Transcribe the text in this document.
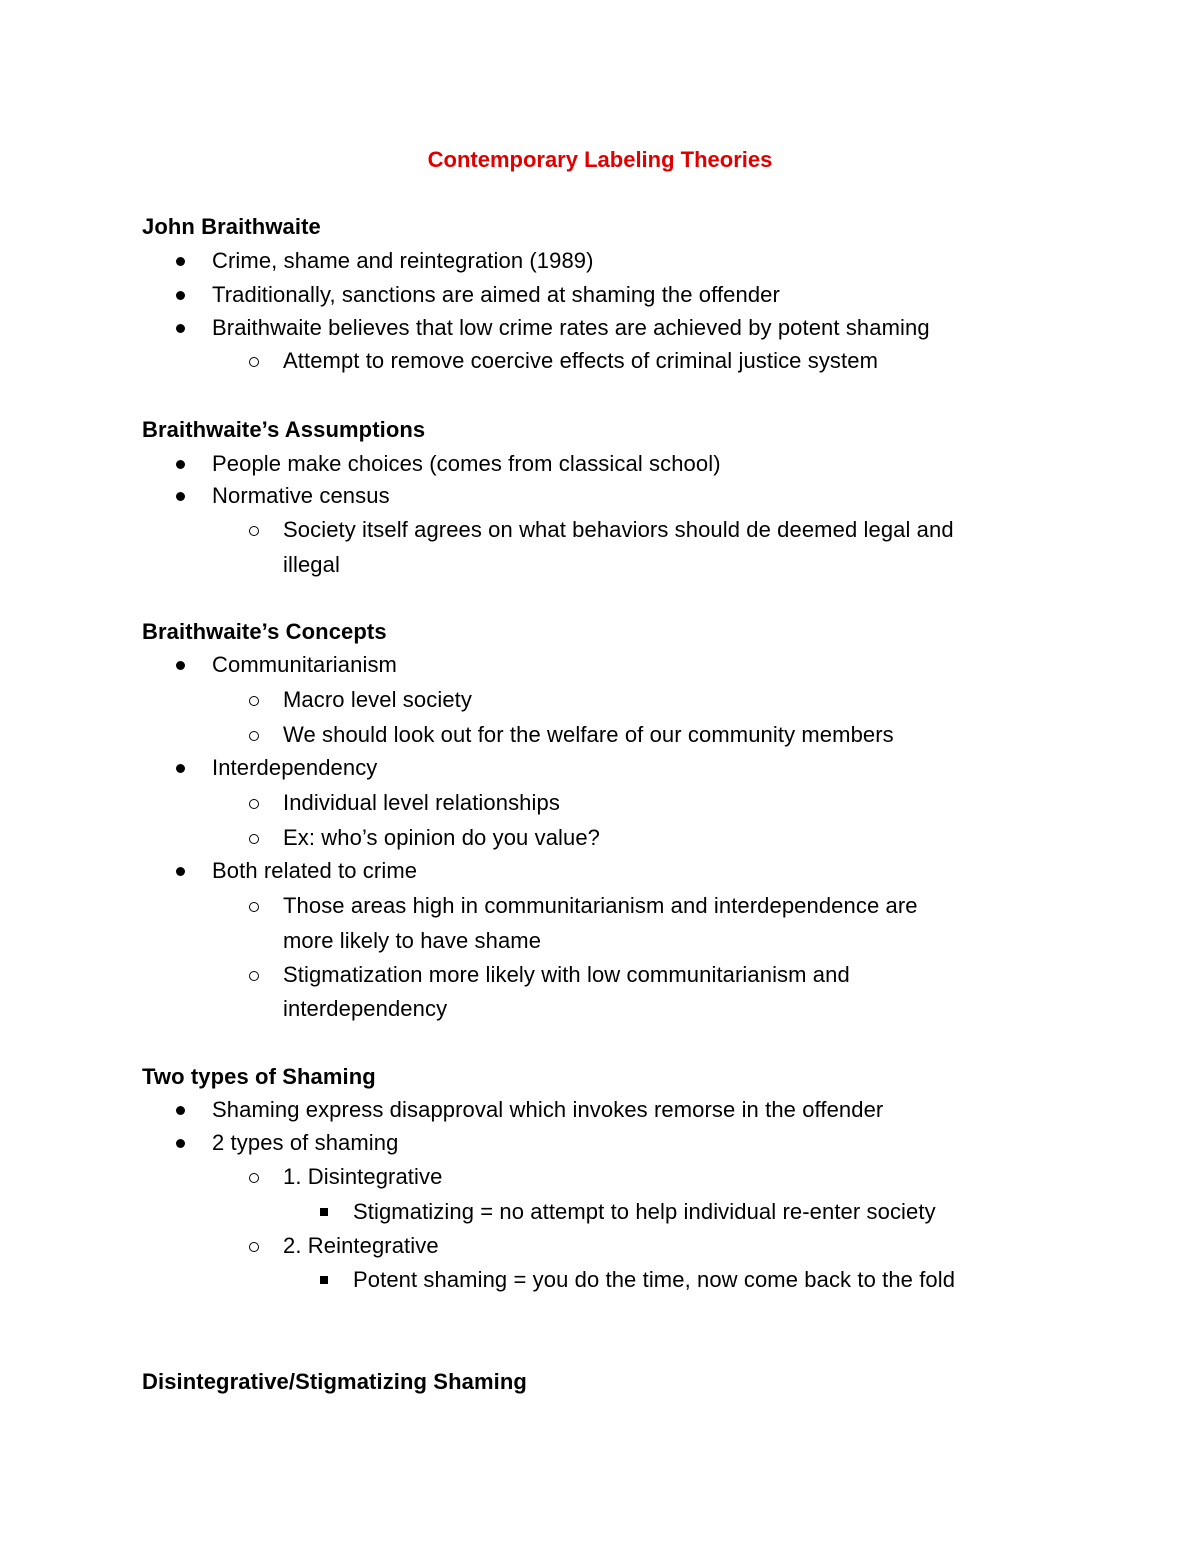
Contemporary Labeling Theories
John Braithwaite
Crime, shame and reintegration (1989)
Traditionally, sanctions are aimed at shaming the offender
Braithwaite believes that low crime rates are achieved by potent shaming
Attempt to remove coercive effects of criminal justice system
Braithwaite’s Assumptions
People make choices (comes from classical school)
Normative census
Society itself agrees on what behaviors should de deemed legal and
illegal
Braithwaite’s Concepts
Communitarianism
Macro level society
We should look out for the welfare of our community members
Interdependency
Individual level relationships
Ex: who’s opinion do you value?
Both related to crime
Those areas high in communitarianism and interdependence are
more likely to have shame
Stigmatization more likely with low communitarianism and
interdependency
Two types of Shaming
Shaming express disapproval which invokes remorse in the offender
2 types of shaming
1. Disintegrative
Stigmatizing = no attempt to help individual re-enter society
2. Reintegrative
Potent shaming = you do the time, now come back to the fold
Disintegrative/Stigmatizing Shaming
